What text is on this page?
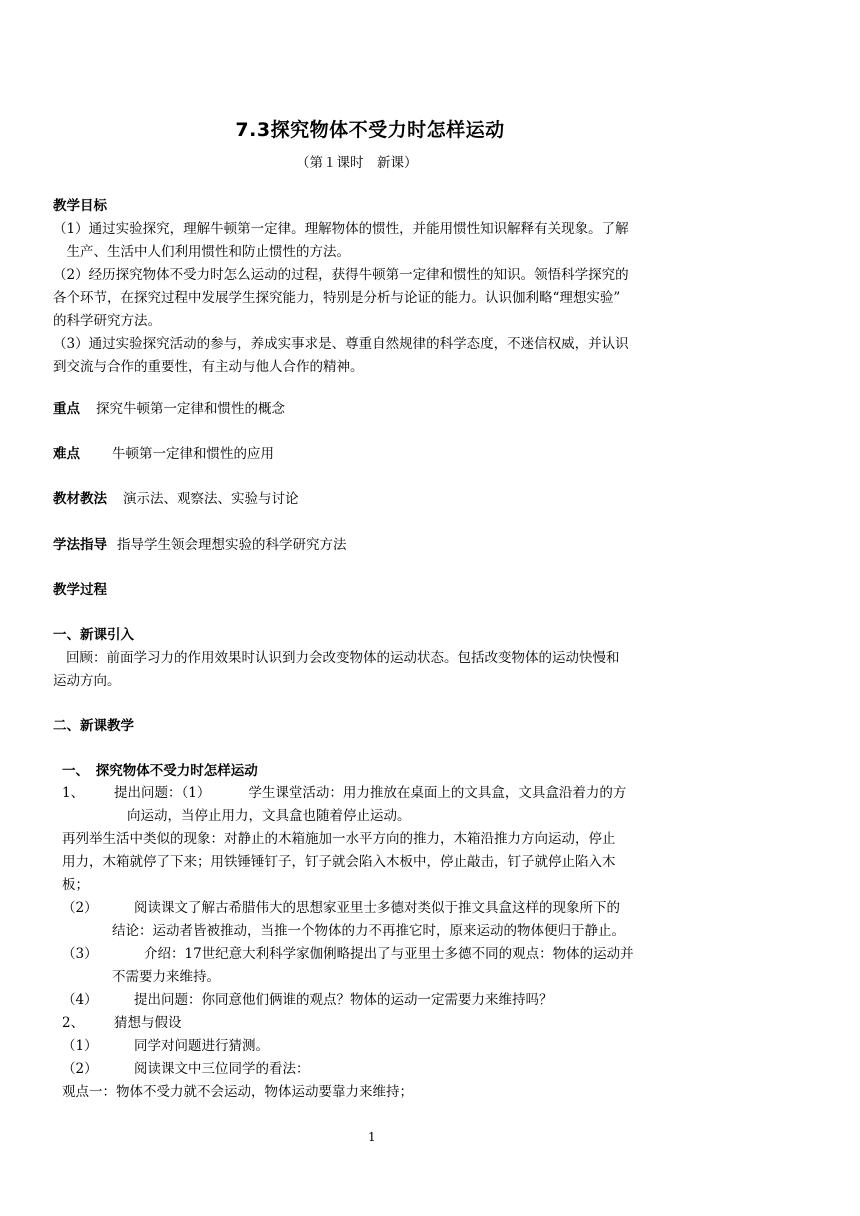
7.3探究物体不受力时怎样运动
（第１课时　新课）
教学目标
（1）通过实验探究，理解牛顿第一定律。理解物体的惯性，并能用惯性知识解释有关现象。了解
　生产、生活中人们利用惯性和防止惯性的方法。
（2）经历探究物体不受力时怎么运动的过程，获得牛顿第一定律和惯性的知识。领悟科学探究的
各个环节，在探究过程中发展学生探究能力，特别是分析与论证的能力。认识伽利略“理想实验”
的科学研究方法。
（3）通过实验探究活动的参与，养成实事求是、尊重自然规律的科学态度，不迷信权威，并认识
到交流与合作的重要性，有主动与他人合作的精神。
重点 探究牛顿第一定律和惯性的概念
难点 牛顿第一定律和惯性的应用
教材教法 演示法、观察法、实验与讨论
学法指导 指导学生领会理想实验的科学研究方法
教学过程
一、新课引入
回顾：前面学习力的作用效果时认识到力会改变物体的运动状态。包括改变物体的运动快慢和
运动方向。
二、新课教学
一、　探究物体不受力时怎样运动
1、 提出问题：（1）	学生课堂活动：用力推放在桌面上的文具盒，文具盒沿着力的方
向运动，当停止用力，文具盒也随着停止运动。
再列举生活中类似的现象：对静止的木箱施加一水平方向的推力，木箱沿推力方向运动，停止
用力，木箱就停了下来；用铁锤锤钉子，钉子就会陷入木板中，停止敲击，钉子就停止陷入木
板；
（2）	阅读课文了解古希腊伟大的思想家亚里士多德对类似于推文具盒这样的现象所下的
结论：运动者皆被推动，当推一个物体的力不再推它时，原来运动的物体便归于静止。
（3）	介绍：17世纪意大利科学家伽俐略提出了与亚里士多德不同的观点：物体的运动并
不需要力来维持。
（4）	提出问题：你同意他们俩谁的观点？物体的运动一定需要力来维持吗？
2、 猜想与假设
（1）	同学对问题进行猜测。
（2）	阅读课文中三位同学的看法：
观点一：物体不受力就不会运动，物体运动要靠力来维持；
1
